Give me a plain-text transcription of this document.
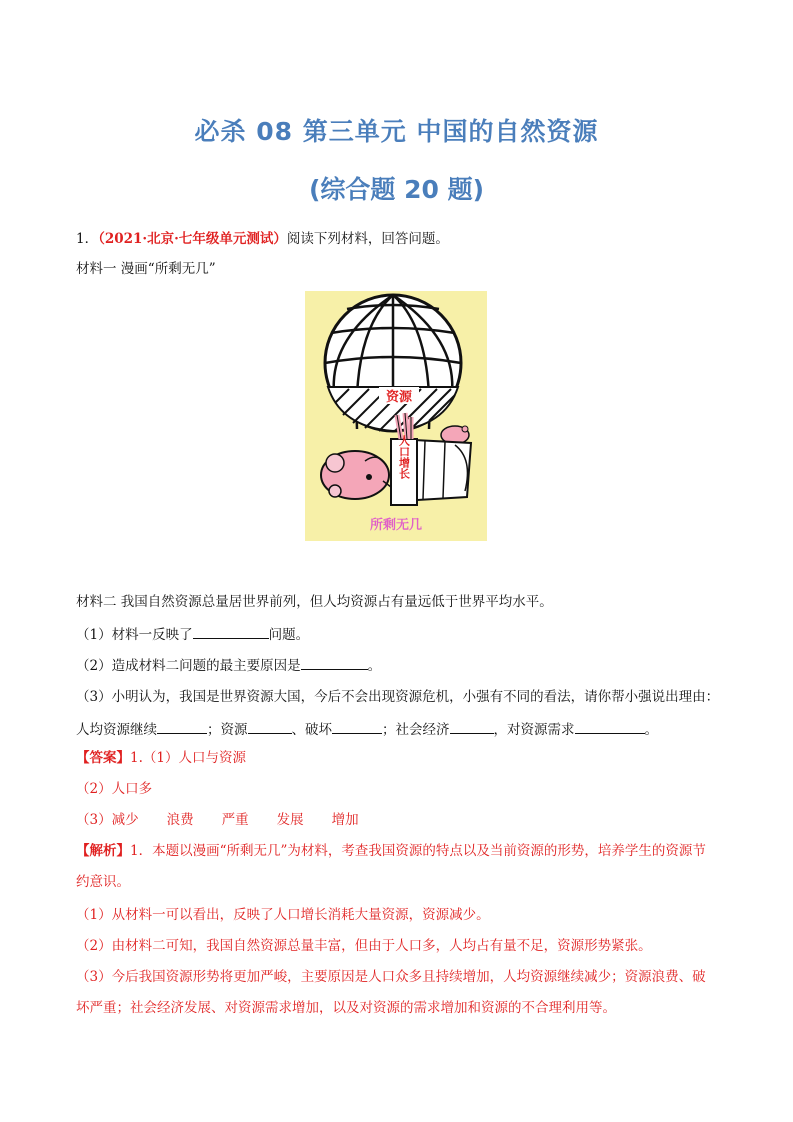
必杀 08 第三单元 中国的自然资源
(综合题 20 题)
1．（2021·北京·七年级单元测试）阅读下列材料，回答问题。
材料一 漫画“所剩无几”
资源
人口增长
所剩无几
材料二 我国自然资源总量居世界前列，但人均资源占有量远低于世界平均水平。
（1）材料一反映了	问题。
（2）造成材料二问题的最主要原因是	。
（3）小明认为，我国是世界资源大国，今后不会出现资源危机，小强有不同的看法，请你帮小强说出理由：
人均资源继续	；资源	、破坏	；社会经济	，对资源需求	。
【答案】1.（1）人口与资源
（2）人口多
（3）减少 浪费 严重 发展 增加
【解析】1．本题以漫画“所剩无几”为材料，考查我国资源的特点以及当前资源的形势，培养学生的资源节约意识。
（1）从材料一可以看出，反映了人口增长消耗大量资源，资源减少。
（2）由材料二可知，我国自然资源总量丰富，但由于人口多，人均占有量不足，资源形势紧张。
（3）今后我国资源形势将更加严峻，主要原因是人口众多且持续增加，人均资源继续减少；资源浪费、破坏严重；社会经济发展、对资源需求增加，以及对资源的需求增加和资源的不合理利用等。
